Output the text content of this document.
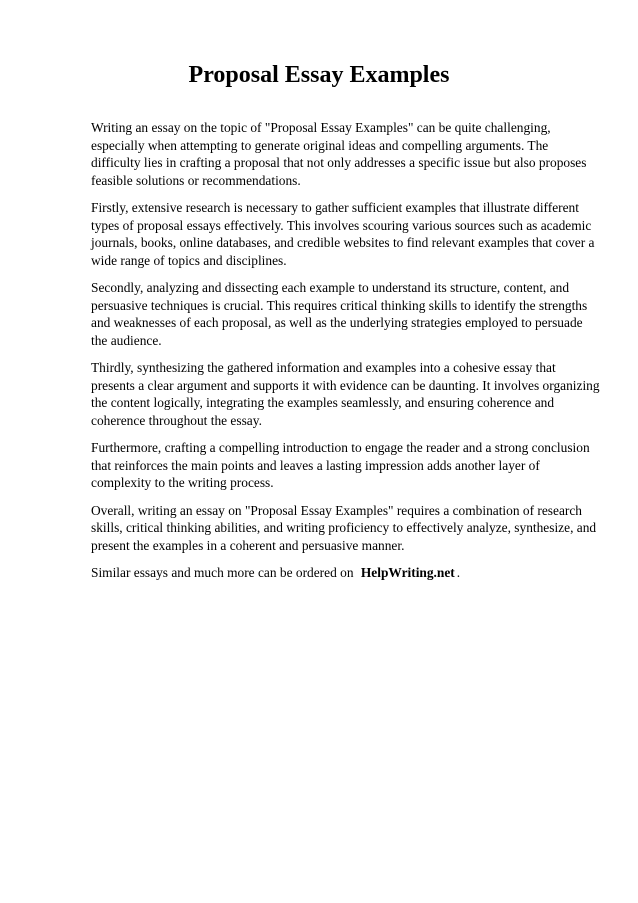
Proposal Essay Examples

Writing an essay on the topic of "Proposal Essay Examples" can be quite challenging, especially when attempting to generate original ideas and compelling arguments. The difficulty lies in crafting a proposal that not only addresses a specific issue but also proposes feasible solutions or recommendations.

Firstly, extensive research is necessary to gather sufficient examples that illustrate different types of proposal essays effectively. This involves scouring various sources such as academic journals, books, online databases, and credible websites to find relevant examples that cover a wide range of topics and disciplines.

Secondly, analyzing and dissecting each example to understand its structure, content, and persuasive techniques is crucial. This requires critical thinking skills to identify the strengths and weaknesses of each proposal, as well as the underlying strategies employed to persuade the audience.

Thirdly, synthesizing the gathered information and examples into a cohesive essay that presents a clear argument and supports it with evidence can be daunting. It involves organizing the content logically, integrating the examples seamlessly, and ensuring coherence and coherence throughout the essay.

Furthermore, crafting a compelling introduction to engage the reader and a strong conclusion that reinforces the main points and leaves a lasting impression adds another layer of complexity to the writing process.

Overall, writing an essay on "Proposal Essay Examples" requires a combination of research skills, critical thinking abilities, and writing proficiency to effectively analyze, synthesize, and present the examples in a coherent and persuasive manner.

Similar essays and much more can be ordered on HelpWriting.net .
